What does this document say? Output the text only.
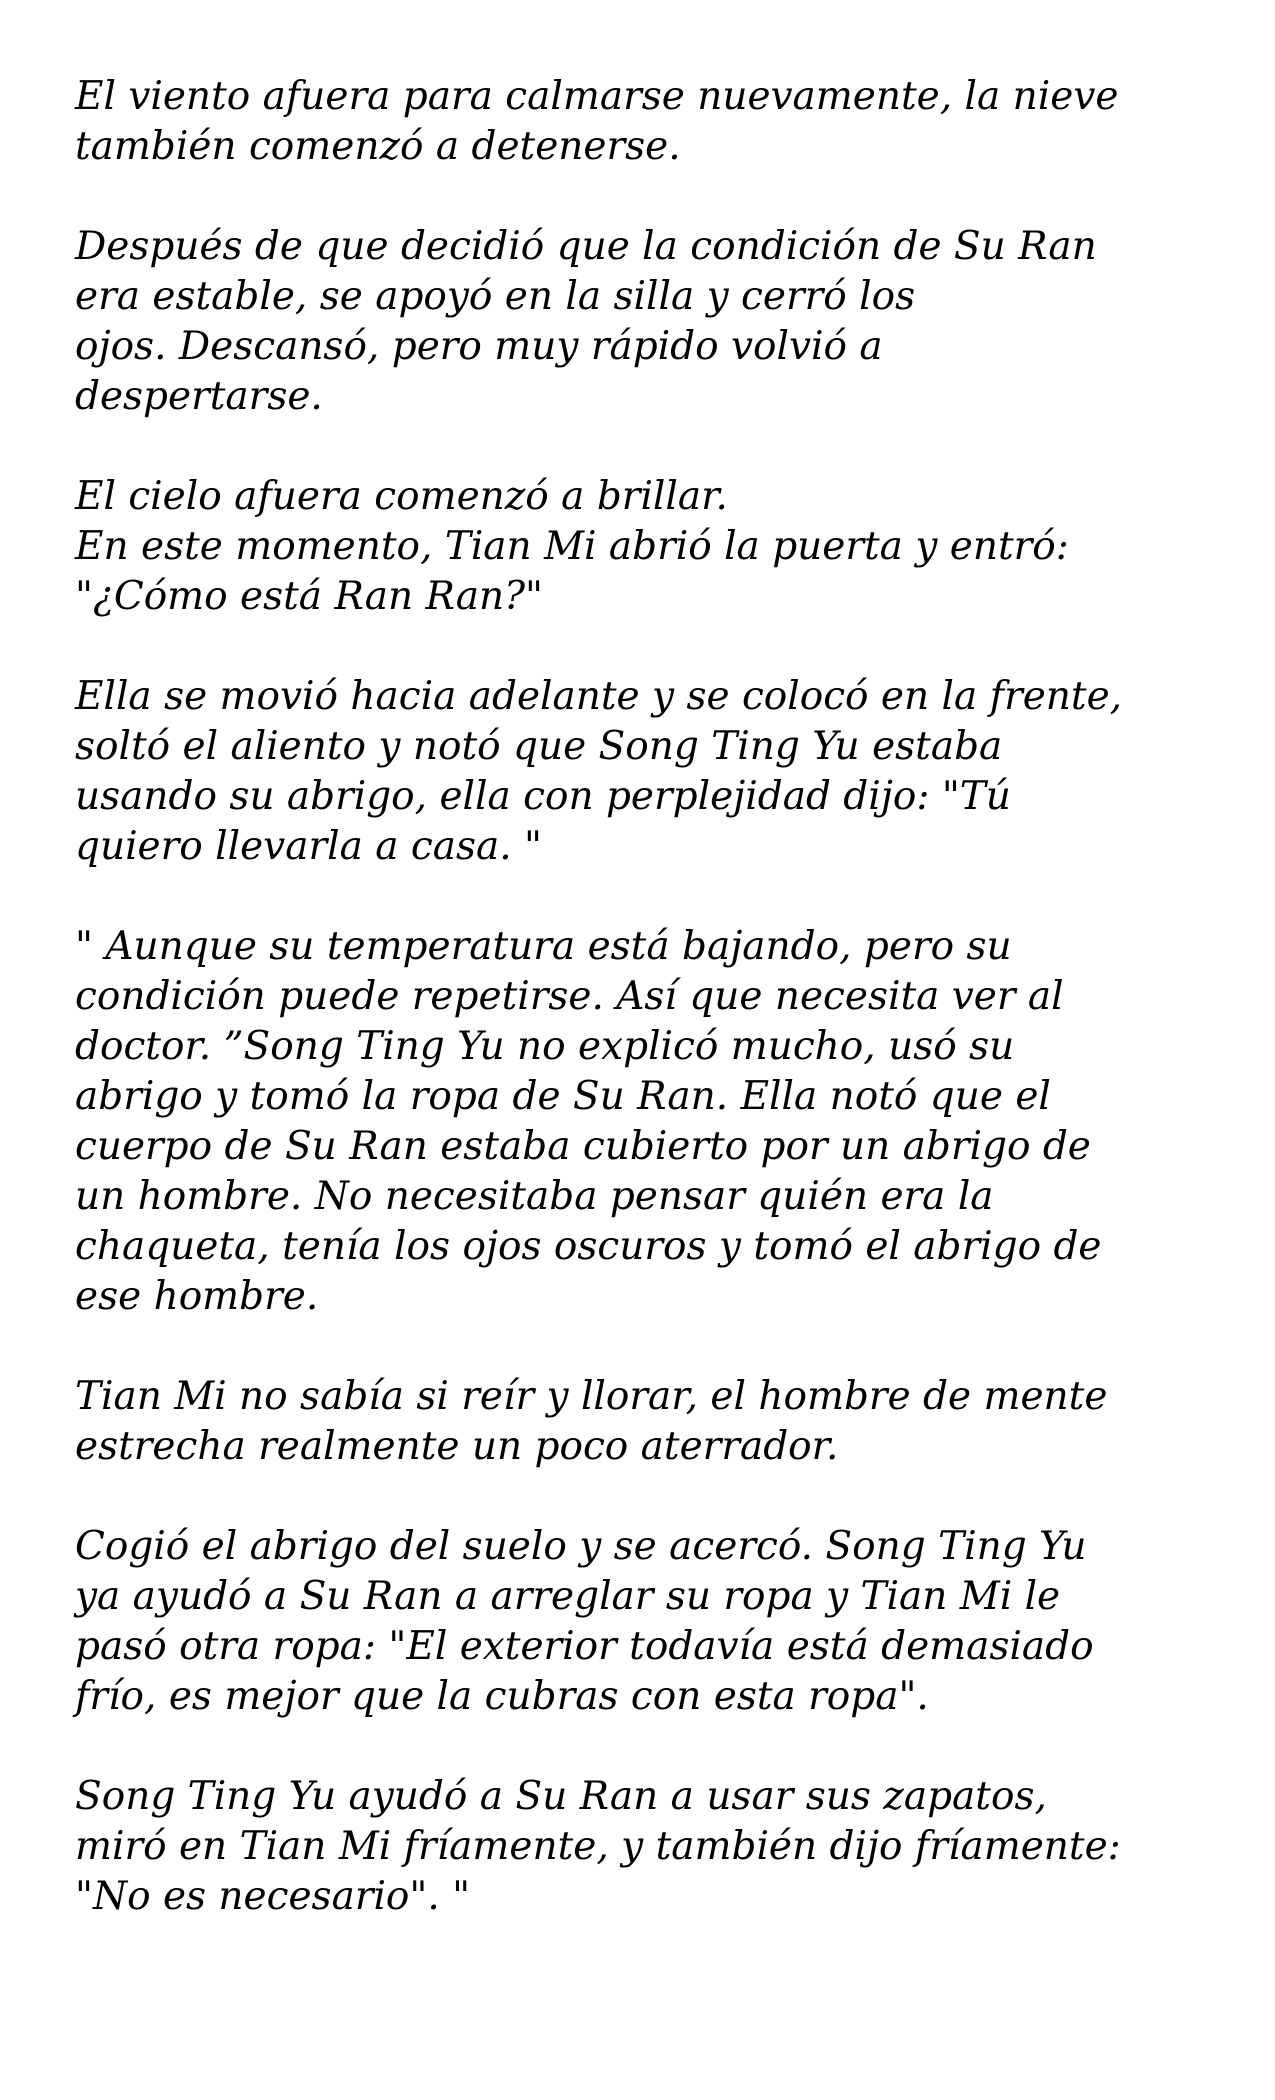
El viento afuera para calmarse nuevamente, la nieve
también comenzó a detenerse.

Después de que decidió que la condición de Su Ran
era estable, se apoyó en la silla y cerró los
ojos. Descansó, pero muy rápido volvió a
despertarse.

El cielo afuera comenzó a brillar.
En este momento, Tian Mi abrió la puerta y entró:
"¿Cómo está Ran Ran?"

Ella se movió hacia adelante y se colocó en la frente,
soltó el aliento y notó que Song Ting Yu estaba
usando su abrigo, ella con perplejidad dijo: "Tú
quiero llevarla a casa. "

" Aunque su temperatura está bajando, pero su
condición puede repetirse. Así que necesita ver al
doctor. ”Song Ting Yu no explicó mucho, usó su
abrigo y tomó la ropa de Su Ran. Ella notó que el
cuerpo de Su Ran estaba cubierto por un abrigo de
un hombre. No necesitaba pensar quién era la
chaqueta, tenía los ojos oscuros y tomó el abrigo de
ese hombre.

Tian Mi no sabía si reír y llorar, el hombre de mente
estrecha realmente un poco aterrador.

Cogió el abrigo del suelo y se acercó. Song Ting Yu
ya ayudó a Su Ran a arreglar su ropa y Tian Mi le
pasó otra ropa: "El exterior todavía está demasiado
frío, es mejor que la cubras con esta ropa".

Song Ting Yu ayudó a Su Ran a usar sus zapatos,
miró en Tian Mi fríamente, y también dijo fríamente:
"No es necesario". "
